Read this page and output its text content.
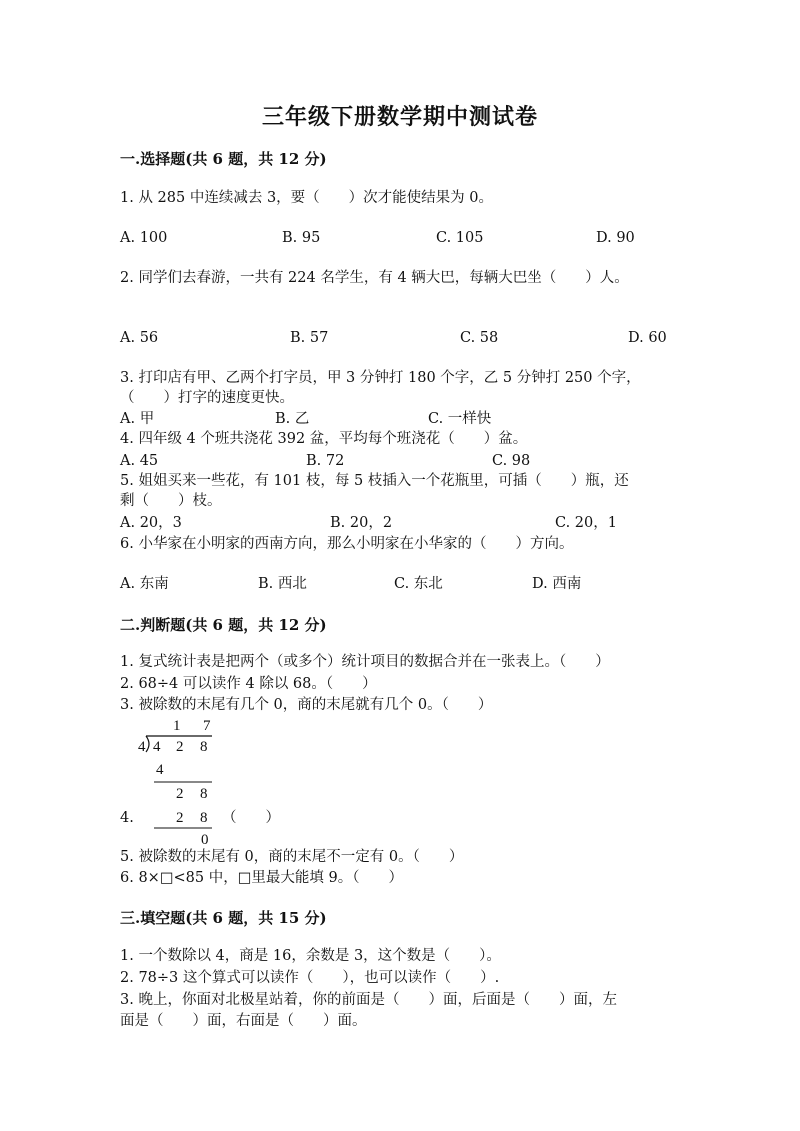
三年级下册数学期中测试卷
一.选择题(共 6 题，共 12 分)
1. 从 285 中连续减去 3，要（　　）次才能使结果为 0。
A. 100	B. 95	C. 105	D. 90
2. 同学们去春游，一共有 224 名学生，有 4 辆大巴，每辆大巴坐（　　）人。
A. 56	B. 57	C. 58	D. 60
3. 打印店有甲、乙两个打字员，甲 3 分钟打 180 个字，乙 5 分钟打 250 个字，
（　　）打字的速度更快。
A. 甲	B. 乙	C. 一样快
4. 四年级 4 个班共浇花 392 盆，平均每个班浇花（　　）盆。
A. 45	B. 72	C. 98
5. 姐姐买来一些花，有 101 枝，每 5 枝插入一个花瓶里，可插（　　）瓶，还
剩（　　）枝。
A. 20，3	B. 20，2	C. 20，1
6. 小华家在小明家的西南方向，那么小明家在小华家的（　　）方向。
A. 东南	B. 西北	C. 东北	D. 西南
二.判断题(共 6 题，共 12 分)
1. 复式统计表是把两个（或多个）统计项目的数据合并在一张表上。（　　）
2. 68÷4 可以读作 4 除以 68。（　　）
3. 被除数的末尾有几个 0，商的末尾就有几个 0。（　　）
1 7
4 4 2 8
4
2 8
2 8
0
4.	（　　）
5. 被除数的末尾有 0，商的末尾不一定有 0。（　　）
6. 8×□<85 中，□里最大能填 9。（　　）
三.填空题(共 6 题，共 15 分)
1. 一个数除以 4，商是 16，余数是 3，这个数是（　　）。
2. 78÷3 这个算式可以读作（　　），也可以读作（　　）.
3. 晚上，你面对北极星站着，你的前面是（　　）面，后面是（　　）面，左
面是（　　）面，右面是（　　）面。
